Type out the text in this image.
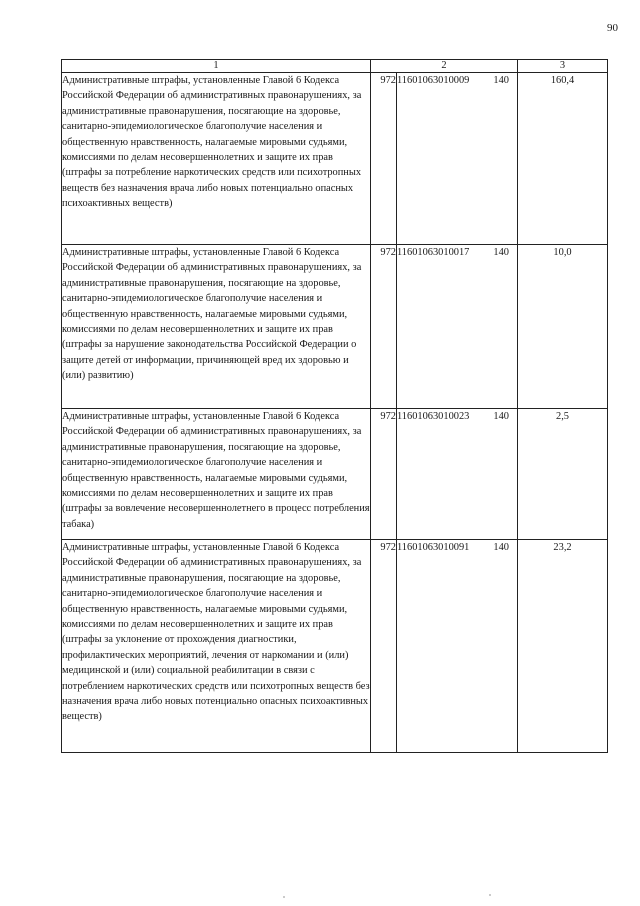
90
1	2		3
Административные штрафы, установленные Главой 6 Кодекса Российской Федерации об административных правонарушениях, за административные правонарушения, посягающие на здоровье, санитарно-эпидемиологическое благополучие населения и общественную нравственность, налагаемые мировыми судьями, комиссиями по делам несовершеннолетних и защите их прав (штрафы за потребление наркотических средств или психотропных веществ без назначения врача либо новых потенциально опасных психоактивных веществ)	972	11601063010009 140	160,4
Административные штрафы, установленные Главой 6 Кодекса Российской Федерации об административных правонарушениях, за административные правонарушения, посягающие на здоровье, санитарно-эпидемиологическое благополучие населения и общественную нравственность, налагаемые мировыми судьями, комиссиями по делам несовершеннолетних и защите их прав (штрафы за нарушение законодательства Российской Федерации о защите детей от информации, причиняющей вред их здоровью и (или) развитию)	972	11601063010017 140	10,0
Административные штрафы, установленные Главой 6 Кодекса Российской Федерации об административных правонарушениях, за административные правонарушения, посягающие на здоровье, санитарно-эпидемиологическое благополучие населения и общественную нравственность, налагаемые мировыми судьями, комиссиями по делам несовершеннолетних и защите их прав (штрафы за вовлечение несовершеннолетнего в процесс потребления табака)	972	11601063010023 140	2,5
Административные штрафы, установленные Главой 6 Кодекса Российской Федерации об административных правонарушениях, за административные правонарушения, посягающие на здоровье, санитарно-эпидемиологическое благополучие населения и общественную нравственность, налагаемые мировыми судьями, комиссиями по делам несовершеннолетних и защите их прав (штрафы за уклонение от прохождения диагностики, профилактических мероприятий, лечения от наркомании и (или) медицинской и (или) социальной реабилитации в связи с потреблением наркотических средств или психотропных веществ без назначения врача либо новых потенциально опасных психоактивных веществ)	972	11601063010091 140	23,2
